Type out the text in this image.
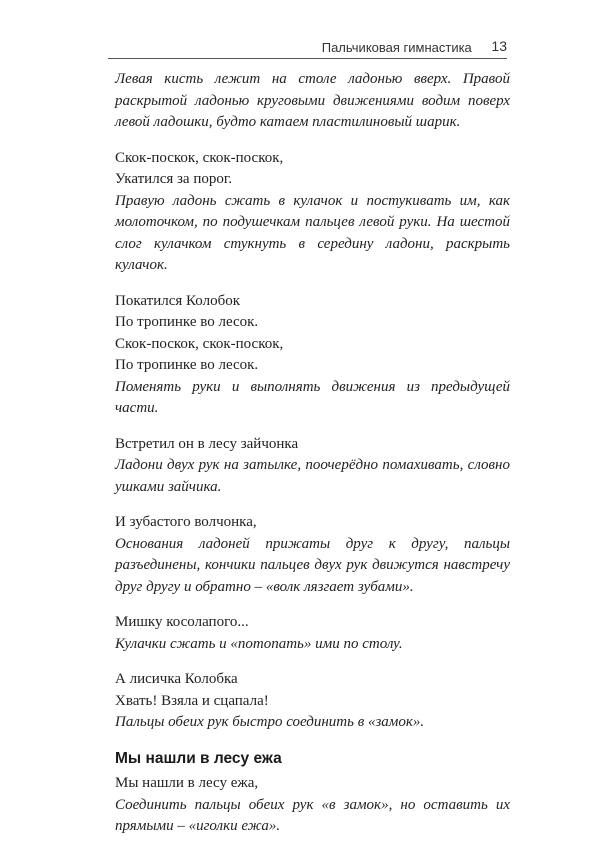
Пальчиковая гимнастика 13

Левая кисть лежит на столе ладонью вверх. Правой раскрытой ладонью круговыми движениями водим поверх левой ладошки, будто катаем пластилиновый шарик.

Скок-поскок, скок-поскок,

Укатился за порог.

Правую ладонь сжать в кулачок и постукивать им, как молоточком, по подушечкам пальцев левой руки. На шестой слог кулачком стукнуть в середину ладони, раскрыть кулачок.

Покатился Колобок

По тропинке во лесок.

Скок-поскок, скок-поскок,

По тропинке во лесок.

Поменять руки и выполнять движения из предыдущей части.

Встретил он в лесу зайчонка

Ладони двух рук на затылке, поочерёдно помахивать, словно ушками зайчика.

И зубастого волчонка,

Основания ладоней прижаты друг к другу, пальцы разъединены, кончики пальцев двух рук движутся навстречу друг другу и обратно – «волк лязгает зубами».

Мишку косолапого...

Кулачки сжать и «потопать» ими по столу.

А лисичка Колобка

Хвать! Взяла и сцапала!

Пальцы обеих рук быстро соединить в «замок».

Мы нашли в лесу ежа

Мы нашли в лесу ежа,

Соединить пальцы обеих рук «в замок», но оставить их прямыми – «иголки ежа».
